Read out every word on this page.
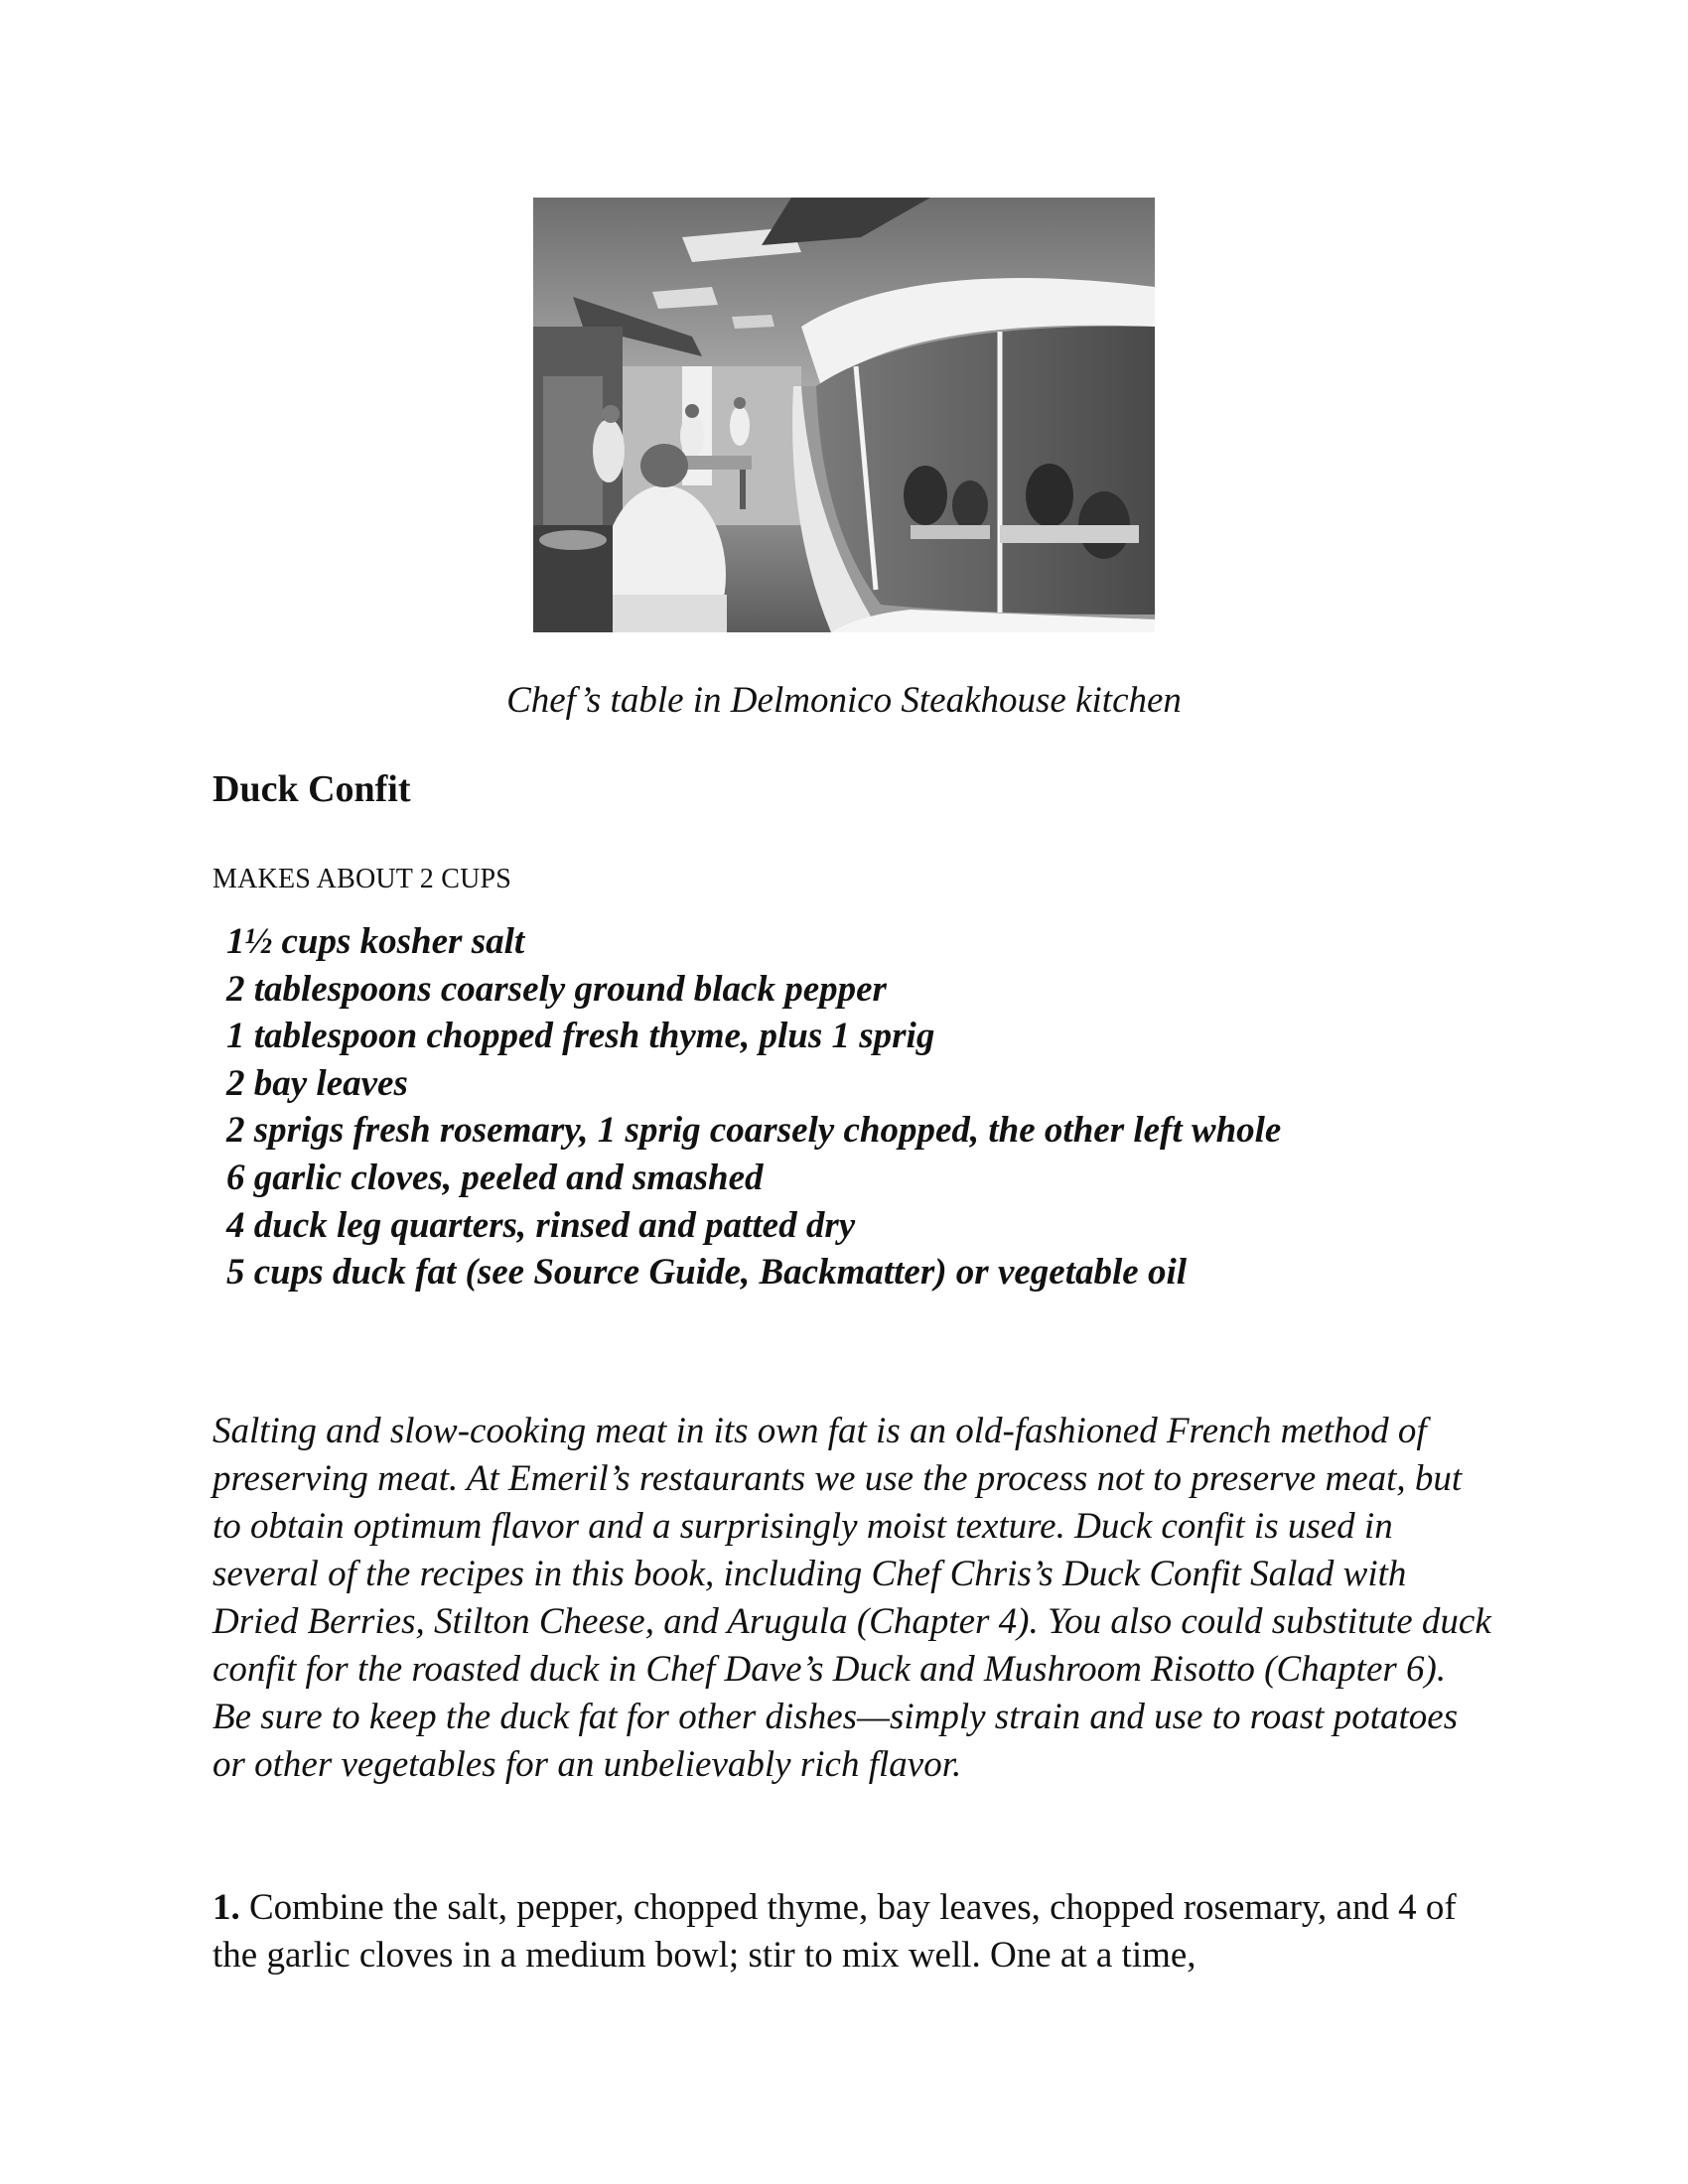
Chef’s table in Delmonico Steakhouse kitchen
Duck Confit
MAKES ABOUT 2 CUPS
1½ cups kosher salt
2 tablespoons coarsely ground black pepper
1 tablespoon chopped fresh thyme, plus 1 sprig
2 bay leaves
2 sprigs fresh rosemary, 1 sprig coarsely chopped, the other left whole
6 garlic cloves, peeled and smashed
4 duck leg quarters, rinsed and patted dry
5 cups duck fat (see Source Guide, Backmatter) or vegetable oil

Salting and slow-cooking meat in its own fat is an old-fashioned French method of preserving meat. At Emeril’s restaurants we use the process not to preserve meat, but to obtain optimum flavor and a surprisingly moist texture. Duck confit is used in several of the recipes in this book, including Chef Chris’s Duck Confit Salad with Dried Berries, Stilton Cheese, and Arugula (Chapter 4). You also could substitute duck confit for the roasted duck in Chef Dave’s Duck and Mushroom Risotto (Chapter 6). Be sure to keep the duck fat for other dishes—simply strain and use to roast potatoes or other vegetables for an unbelievably rich flavor.

1. Combine the salt, pepper, chopped thyme, bay leaves, chopped rosemary, and 4 of the garlic cloves in a medium bowl; stir to mix well. One at a time,
